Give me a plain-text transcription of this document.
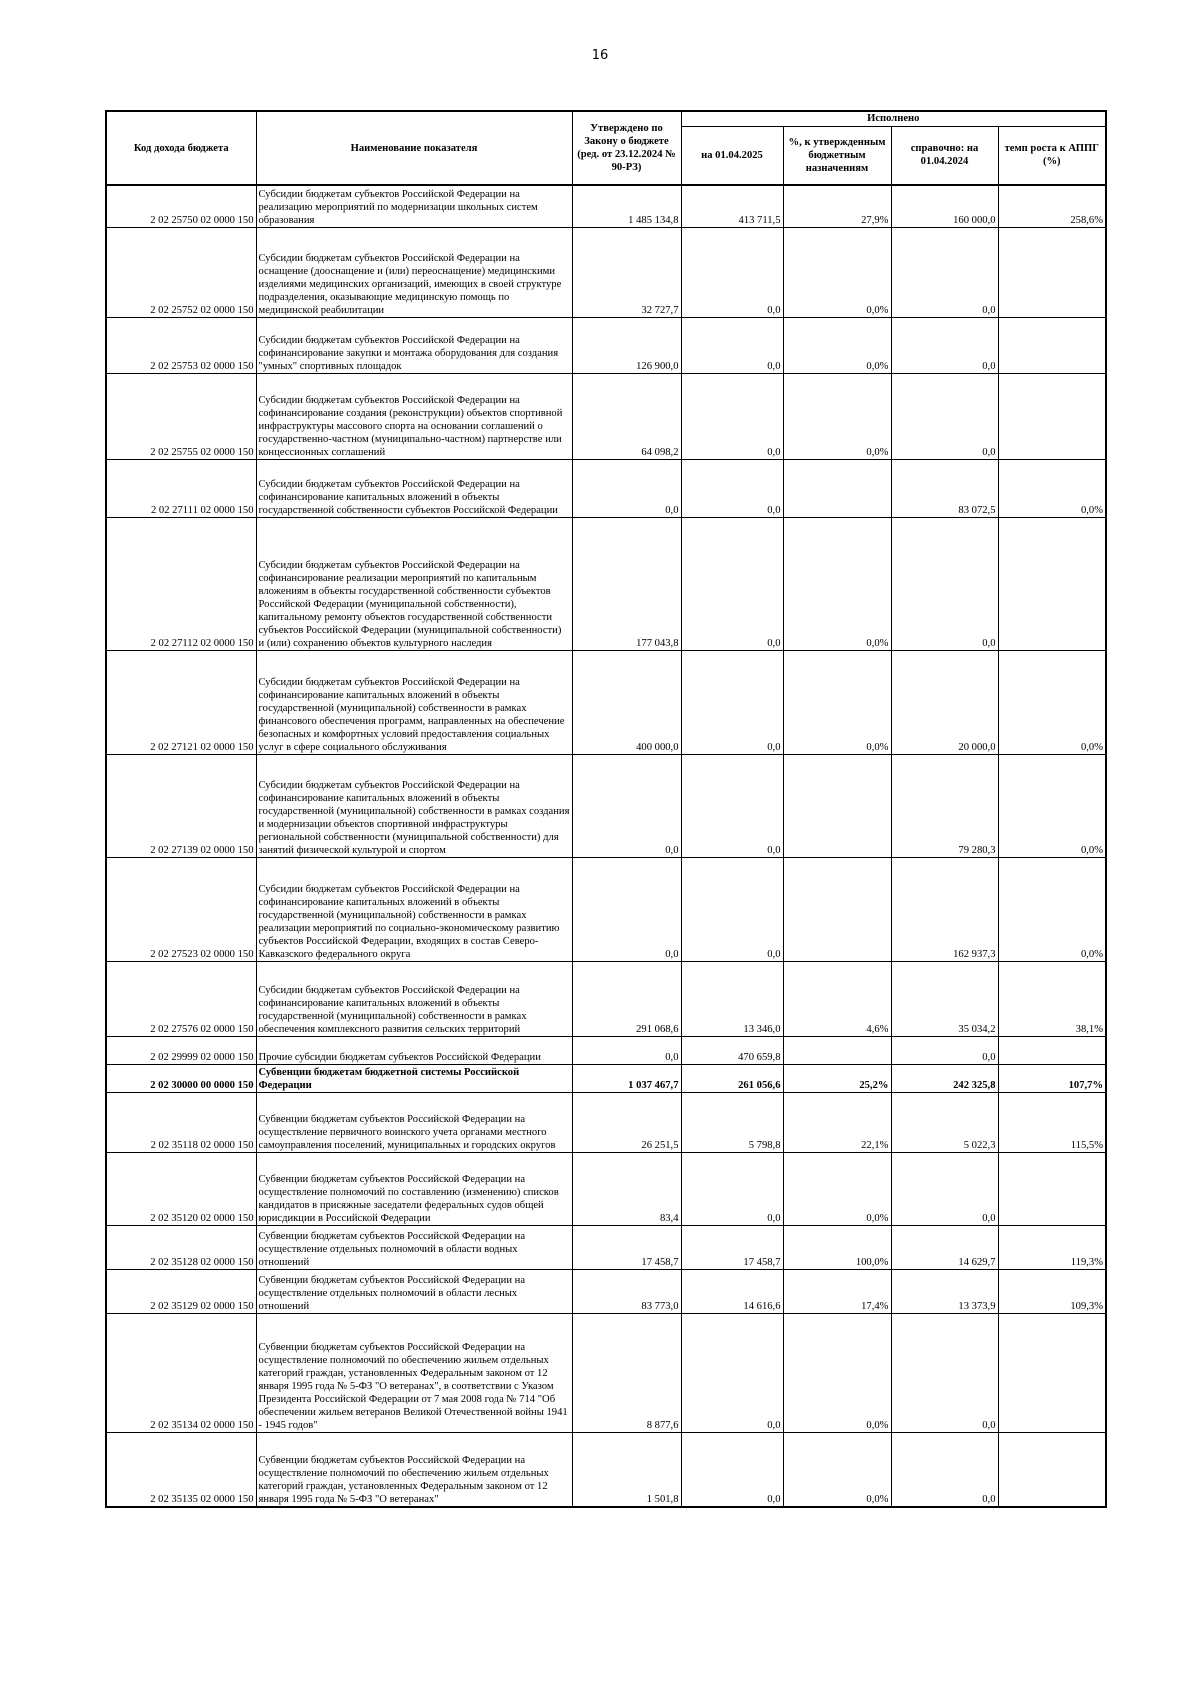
16
Код дохода бюджета	Наименование показателя	Утверждено по Закону о бюджете (ред. от 23.12.2024 № 90-РЗ)	Исполнено			
			на 01.04.2025	%, к утвержденным бюджетным назначениям	справочно: на 01.04.2024	темп роста к АППГ (%)
2 02 25750 02 0000 150	Субсидии бюджетам субъектов Российской Федерации на реализацию мероприятий по модернизации школьных систем образования	1 485 134,8	413 711,5	27,9%	160 000,0	258,6%
2 02 25752 02 0000 150	Субсидии бюджетам субъектов Российской Федерации на оснащение (дооснащение и (или) переоснащение) медицинскими изделиями медицинских организаций, имеющих в своей структуре подразделения, оказывающие медицинскую помощь по медицинской реабилитации	32 727,7	0,0	0,0%	0,0	
2 02 25753 02 0000 150	Субсидии бюджетам субъектов Российской Федерации на софинансирование закупки и монтажа оборудования для создания "умных" спортивных площадок	126 900,0	0,0	0,0%	0,0	
2 02 25755 02 0000 150	Субсидии бюджетам субъектов Российской Федерации на софинансирование создания (реконструкции) объектов спортивной инфраструктуры массового спорта на основании соглашений о государственно-частном (муниципально-частном) партнерстве или концессионных соглашений	64 098,2	0,0	0,0%	0,0	
2 02 27111 02 0000 150	Субсидии бюджетам субъектов Российской Федерации на софинансирование капитальных вложений в объекты государственной собственности субъектов Российской Федерации	0,0	0,0		83 072,5	0,0%
2 02 27112 02 0000 150	Субсидии бюджетам субъектов Российской Федерации на софинансирование реализации мероприятий по капитальным вложениям в объекты государственной собственности субъектов Российской Федерации (муниципальной собственности), капитальному ремонту объектов государственной собственности субъектов Российской Федерации (муниципальной собственности) и (или) сохранению объектов культурного наследия	177 043,8	0,0	0,0%	0,0	
2 02 27121 02 0000 150	Субсидии бюджетам субъектов Российской Федерации на софинансирование капитальных вложений в объекты государственной (муниципальной) собственности в рамках финансового обеспечения программ, направленных на обеспечение безопасных и комфортных условий предоставления социальных услуг в сфере социального обслуживания	400 000,0	0,0	0,0%	20 000,0	0,0%
2 02 27139 02 0000 150	Субсидии бюджетам субъектов Российской Федерации на софинансирование капитальных вложений в объекты государственной (муниципальной) собственности в рамках создания и модернизации объектов спортивной инфраструктуры региональной собственности (муниципальной собственности) для занятий физической культурой и спортом	0,0	0,0		79 280,3	0,0%
2 02 27523 02 0000 150	Субсидии бюджетам субъектов Российской Федерации на софинансирование капитальных вложений в объекты государственной (муниципальной) собственности в рамках реализации мероприятий по социально-экономическому развитию субъектов Российской Федерации, входящих в состав Северо-Кавказского федерального округа	0,0	0,0		162 937,3	0,0%
2 02 27576 02 0000 150	Субсидии бюджетам субъектов Российской Федерации на софинансирование капитальных вложений в объекты государственной (муниципальной) собственности в рамках обеспечения комплексного развития сельских территорий	291 068,6	13 346,0	4,6%	35 034,2	38,1%
2 02 29999 02 0000 150	Прочие субсидии бюджетам субъектов Российской Федерации	0,0	470 659,8		0,0	
2 02 30000 00 0000 150	Субвенции бюджетам бюджетной системы Российской Федерации	1 037 467,7	261 056,6	25,2%	242 325,8	107,7%
2 02 35118 02 0000 150	Субвенции бюджетам субъектов Российской Федерации на осуществление первичного воинского учета органами местного самоуправления поселений, муниципальных и городских округов	26 251,5	5 798,8	22,1%	5 022,3	115,5%
2 02 35120 02 0000 150	Субвенции бюджетам субъектов Российской Федерации на осуществление полномочий по составлению (изменению) списков кандидатов в присяжные заседатели федеральных судов общей юрисдикции в Российской Федерации	83,4	0,0	0,0%	0,0	
2 02 35128 02 0000 150	Субвенции бюджетам субъектов Российской Федерации на осуществление отдельных полномочий в области водных отношений	17 458,7	17 458,7	100,0%	14 629,7	119,3%
2 02 35129 02 0000 150	Субвенции бюджетам субъектов Российской Федерации на осуществление отдельных полномочий в области лесных отношений	83 773,0	14 616,6	17,4%	13 373,9	109,3%
2 02 35134 02 0000 150	Субвенции бюджетам субъектов Российской Федерации на осуществление полномочий по обеспечению жильем отдельных категорий граждан, установленных Федеральным законом от 12 января 1995 года № 5-ФЗ "О ветеранах", в соответствии с Указом Президента Российской Федерации от 7 мая 2008 года № 714 "Об обеспечении жильем ветеранов Великой Отечественной войны 1941 - 1945 годов"	8 877,6	0,0	0,0%	0,0	
2 02 35135 02 0000 150	Субвенции бюджетам субъектов Российской Федерации на осуществление полномочий по обеспечению жильем отдельных категорий граждан, установленных Федеральным законом от 12 января 1995 года № 5-ФЗ "О ветеранах"	1 501,8	0,0	0,0%	0,0	
